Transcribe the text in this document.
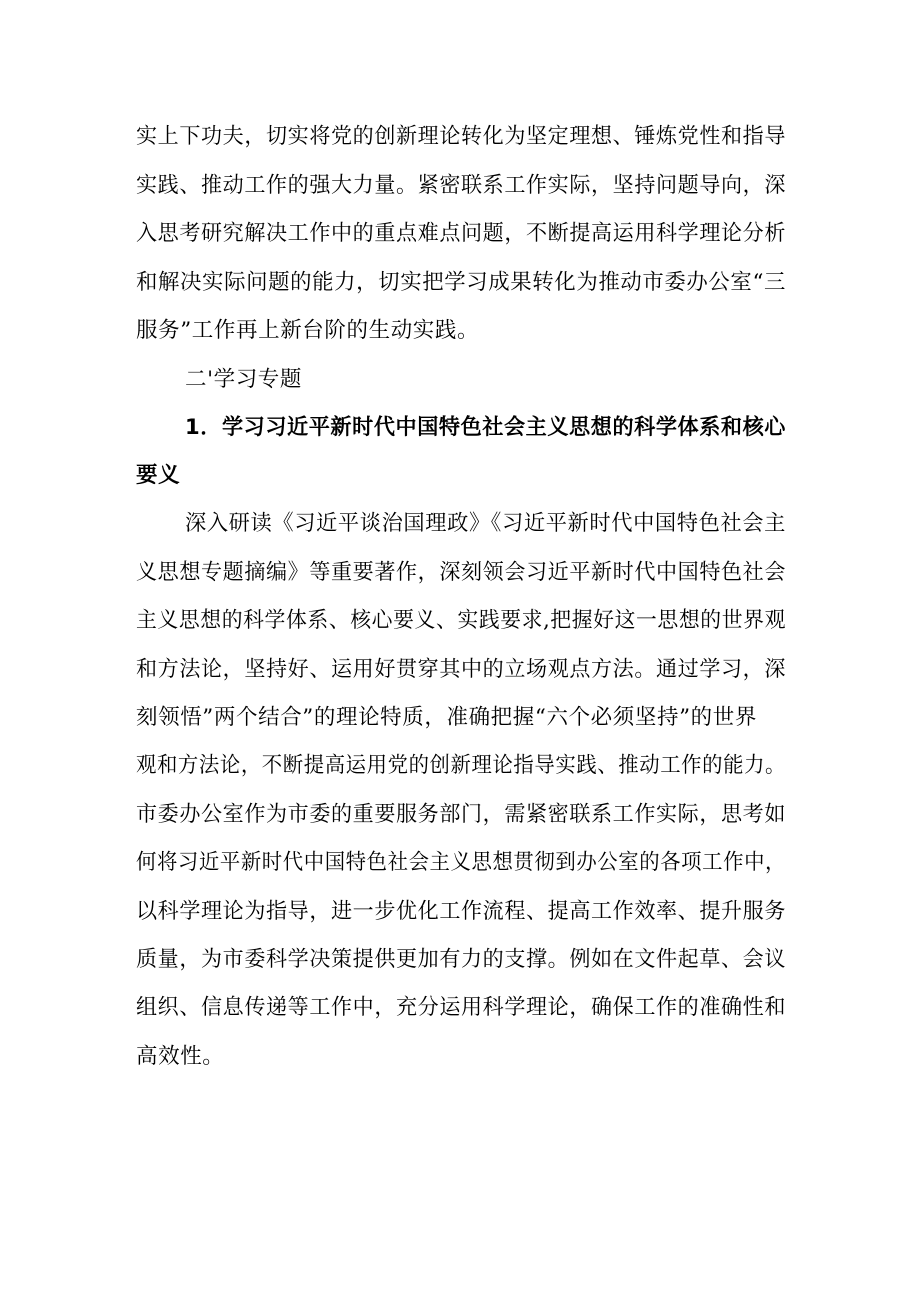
实上下功夫，切实将党的创新理论转化为坚定理想、锤炼党性和指导
实践、推动工作的强大力量。紧密联系工作实际，坚持问题导向，深
入思考研究解决工作中的重点难点问题，不断提高运用科学理论分析
和解决实际问题的能力，切实把学习成果转化为推动市委办公室“三
服务”工作再上新台阶的生动实践。
二'学习专题
1．学习习近平新时代中国特色社会主义思想的科学体系和核心
要义
深入研读《习近平谈治国理政》《习近平新时代中国特色社会主
义思想专题摘编》等重要著作，深刻领会习近平新时代中国特色社会
主义思想的科学体系、核心要义、实践要求,把握好这一思想的世界观
和方法论，坚持好、运用好贯穿其中的立场观点方法。通过学习，深
刻领悟”两个结合”的理论特质，准确把握“六个必须坚持”的世界
观和方法论，不断提高运用党的创新理论指导实践、推动工作的能力。
市委办公室作为市委的重要服务部门，需紧密联系工作实际，思考如
何将习近平新时代中国特色社会主义思想贯彻到办公室的各项工作中，
以科学理论为指导，进一步优化工作流程、提高工作效率、提升服务
质量，为市委科学决策提供更加有力的支撑。例如在文件起草、会议
组织、信息传递等工作中，充分运用科学理论，确保工作的准确性和
高效性。
